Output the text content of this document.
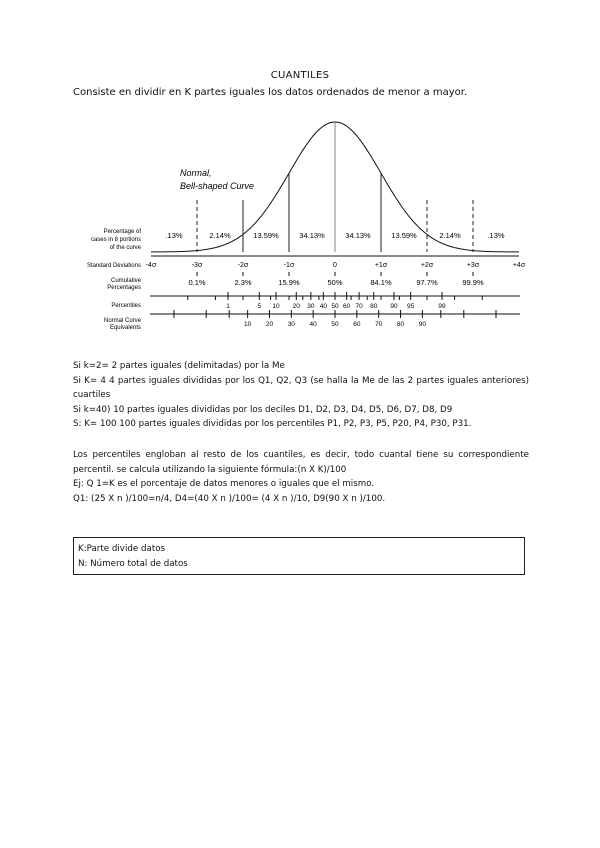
CUANTILES
Consiste en dividir en K partes iguales los datos ordenados de menor a mayor.
Normal,
Bell-shaped Curve
Percentage of
cases in 8 portions
of the curve
Standard Deviations
Cumulative
Percentages
Percentiles
Normal Curve
Equivalents
.13%	2.14%	13.59%	34.13%	34.13%	13.59%	2.14%	.13%
-4σ	-3σ	-2σ	-1σ	0	+1σ	+2σ	+3σ	+4σ
0.1%	2.3%	15.9%	50%	84.1%	97.7%	99.9%
1	5 10 20 30 40 50 60 70 80 90 95	99
10 20 30 40 50 60 70 80 90

Si k=2= 2 partes iguales (delimitadas) por la Me

Si K= 4 4 partes iguales divididas por los Q1, Q2, Q3 (se halla la Me de las 2 partes iguales anteriores) cuartiles

Si k=40) 10 partes iguales divididas por los deciles D1, D2, D3, D4, D5, D6, D7, D8, D9

S: K= 100 100 partes iguales divididas por los percentiles P1, P2, P3, P5, P20, P4, P30, P31.

Los percentiles engloban al resto de los cuantiles, es decir, todo cuantal tiene su correspondiente percentil. se calcula utilizando la siguiente fórmula:(n X K)/100

Ej: Q 1=K es el porcentaje de datos menores o iguales que el mismo.

Q1: (25 X n )/100=n/4, D4=(40 X n )/100= (4 X n )/10, D9(90 X n )/100.

K:Parte divide datos

N: Número total de datos
